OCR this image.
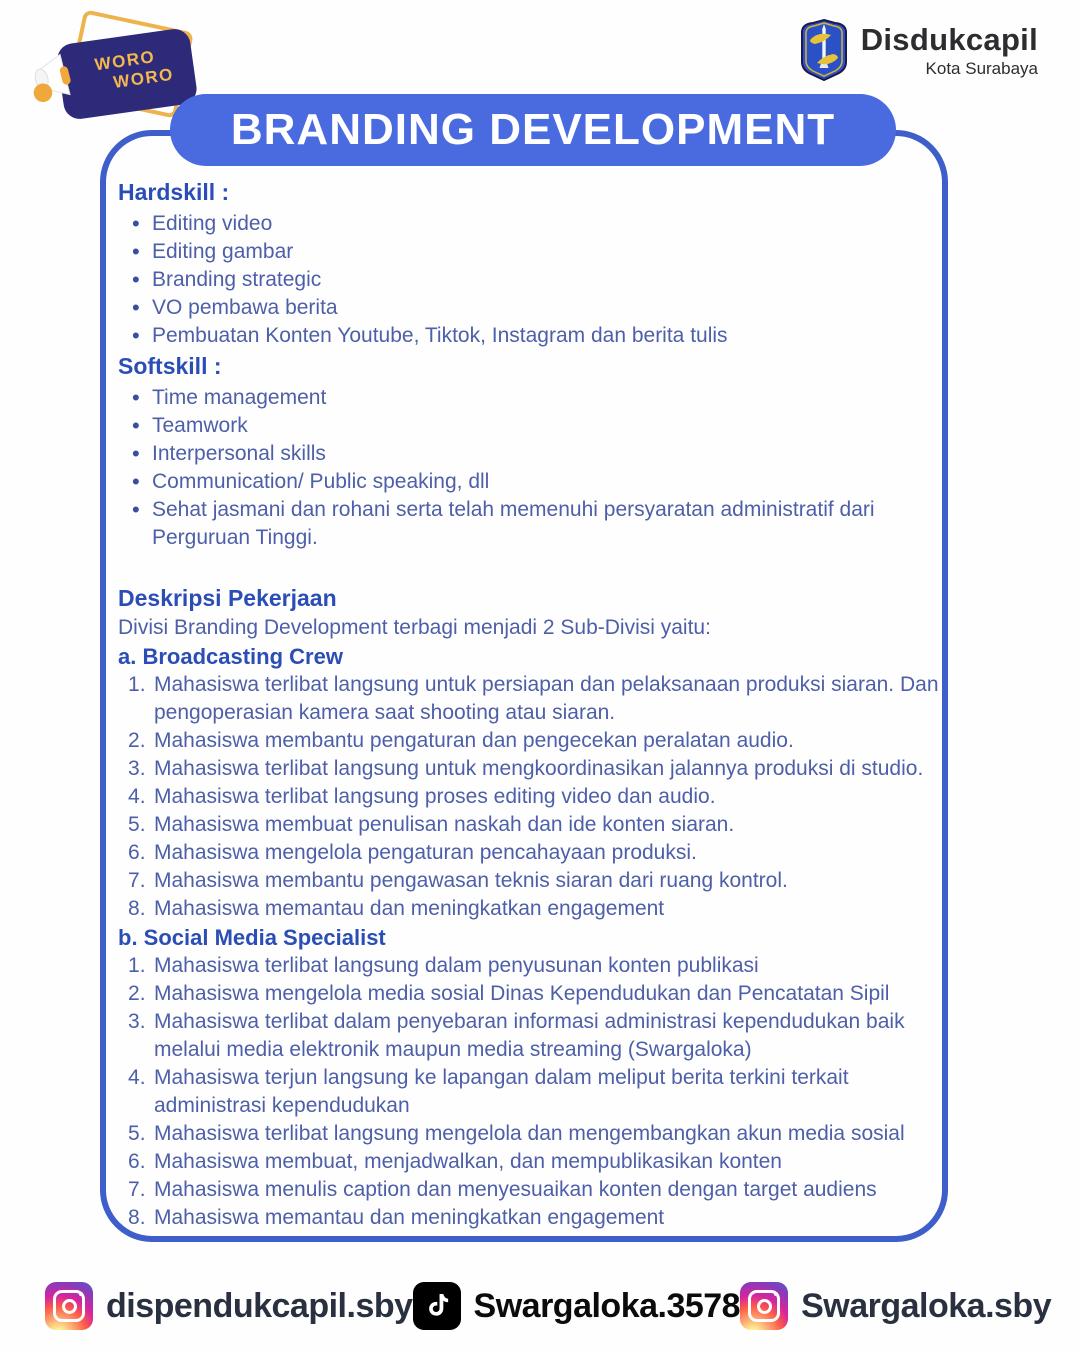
WORO
WORO
Disdukcapil
Kota Surabaya
BRANDING DEVELOPMENT
Hardskill :
• Editing video
• Editing gambar
• Branding strategic
• VO pembawa berita
• Pembuatan Konten Youtube, Tiktok, Instagram dan berita tulis
Softskill :
• Time management
• Teamwork
• Interpersonal skills
• Communication/ Public speaking, dll
• Sehat jasmani dan rohani serta telah memenuhi persyaratan administratif dari Perguruan Tinggi.
Deskripsi Pekerjaan

Divisi Branding Development terbagi menjadi 2 Sub-Divisi yaitu:

a. Broadcasting Crew
Mahasiswa terlibat langsung untuk persiapan dan pelaksanaan produksi siaran. Dan pengoperasian kamera saat shooting atau siaran.
Mahasiswa membantu pengaturan dan pengecekan peralatan audio.
Mahasiswa terlibat langsung untuk mengkoordinasikan jalannya produksi di studio.
Mahasiswa terlibat langsung proses editing video dan audio.
Mahasiswa membuat penulisan naskah dan ide konten siaran.
Mahasiswa mengelola pengaturan pencahayaan produksi.
Mahasiswa membantu pengawasan teknis siaran dari ruang kontrol.
Mahasiswa memantau dan meningkatkan engagement
b. Social Media Specialist
Mahasiswa terlibat langsung dalam penyusunan konten publikasi
Mahasiswa mengelola media sosial Dinas Kependudukan dan Pencatatan Sipil
Mahasiswa terlibat dalam penyebaran informasi administrasi kependudukan baik melalui media elektronik maupun media streaming (Swargaloka)
Mahasiswa terjun langsung ke lapangan dalam meliput berita terkini terkait administrasi kependudukan
Mahasiswa terlibat langsung mengelola dan mengembangkan akun media sosial
Mahasiswa membuat, menjadwalkan, dan mempublikasikan konten
Mahasiswa menulis caption dan menyesuaikan konten dengan target audiens
Mahasiswa memantau dan meningkatkan engagement
dispendukcapil.sby Swargaloka.3578 Swargaloka.sby
